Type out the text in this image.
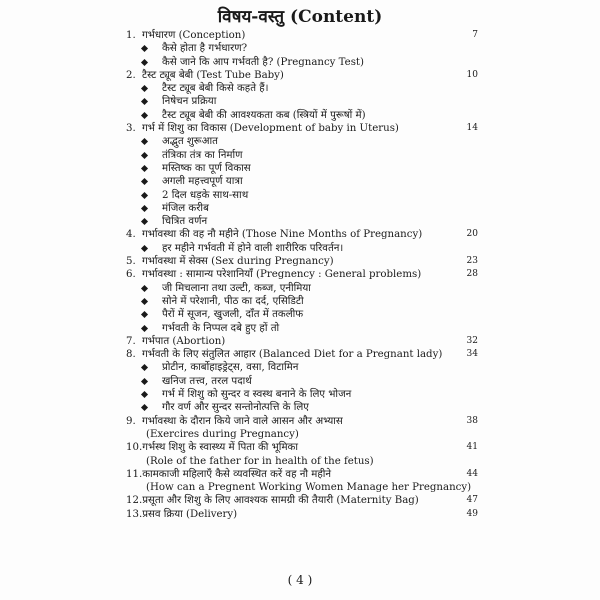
विषय-वस्तु (Content)
1. गर्भधारण (Conception)	7
कैसे होता है गर्भधारण?
कैसे जाने कि आप गर्भवती है? (Pregnancy Test)
2. टैस्ट ट्यूब बेबी (Test Tube Baby)	10
टैस्ट ट्यूब बेबी किसे कहते हैं।
निषेचन प्रक्रिया
टैस्ट ट्यूब बेबी की आवश्यकता कब (स्त्रियों में पुरूषों में)
3. गर्भ में शिशु का विकास (Development of baby in Uterus)	14
अद्भुत शुरूआत
तंत्रिका तंत्र का निर्माण
मस्तिष्क का पूर्ण विकास
अगली महत्त्वपूर्ण यात्रा
2 दिल धड़के साथ-साथ
मंजिल करीब
चित्रित वर्णन
4. गर्भावस्था की वह नौ महीने (Those Nine Months of Pregnancy)	20
हर महीने गर्भवती में होने वाली शारीरिक परिवर्तन।
5. गर्भावस्था में सेक्स (Sex during Pregnancy)	23
6. गर्भावस्था : सामान्य परेशानियाँ (Pregnency : General problems)	28
जी मिचलाना तथा उल्टी, कब्ज, एनीमिया
सोने में परेशानी, पीठ का दर्द, एसिडिटी
पैरों में सूजन, खुजली, दाँत में तकलीफ
गर्भवती के निप्पल दबे हुए हों तो
7. गर्भपात (Abortion)	32
8. गर्भवती के लिए संतुलित आहार (Balanced Diet for a Pregnant lady)	34
प्रोटीन, कार्बोहाइड्रेट्स, वसा, विटामिन
खनिज तत्त्व, तरल पदार्थ
गर्भ में शिशु को सुन्दर व स्वस्थ बनाने के लिए भोजन
गौर वर्ण और सुन्दर सन्तोनोत्पत्ति के लिए
9. गर्भावस्था के दौरान किये जाने वाले आसन और अभ्यास	38
(Exercires during Pregnancy)
10.गर्भस्थ शिशु के स्वास्थ्य में पिता की भूमिका	41
(Role of the father for in health of the fetus)
11.कामकाजी महिलाएँ कैसे व्यवस्थित करें वह नौ महीने	44
(How can a Pregnent Working Women Manage her Pregnancy)
12.प्रसूता और शिशु के लिए आवश्यक सामग्री की तैयारी (Maternity Bag)	47
13.प्रसव क्रिया (Delivery)	49
( 4 )
